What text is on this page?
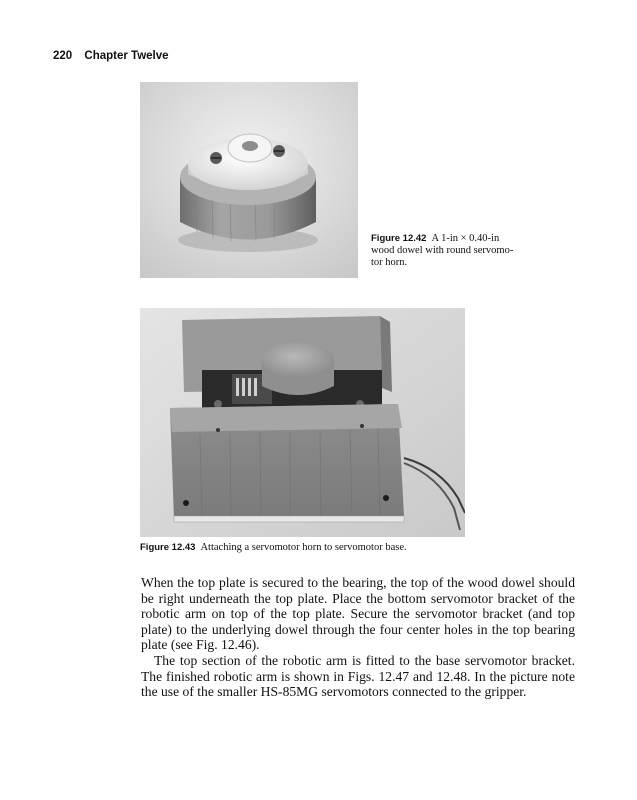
220 Chapter Twelve
Figure 12.42 A 1-in × 0.40-in
wood dowel with round servomo-
tor horn.
Figure 12.43 Attaching a servomotor horn to servomotor base.

When the top plate is secured to the bearing, the top of the wood dowel should be right underneath the top plate. Place the bottom servomotor bracket of the robotic arm on top of the top plate. Secure the servomotor bracket (and top plate) to the underlying dowel through the four center holes in the top bearing plate (see Fig. 12.46).

The top section of the robotic arm is fitted to the base servomotor bracket. The finished robotic arm is shown in Figs. 12.47 and 12.48. In the picture note the use of the smaller HS-85MG servomotors connected to the gripper.
